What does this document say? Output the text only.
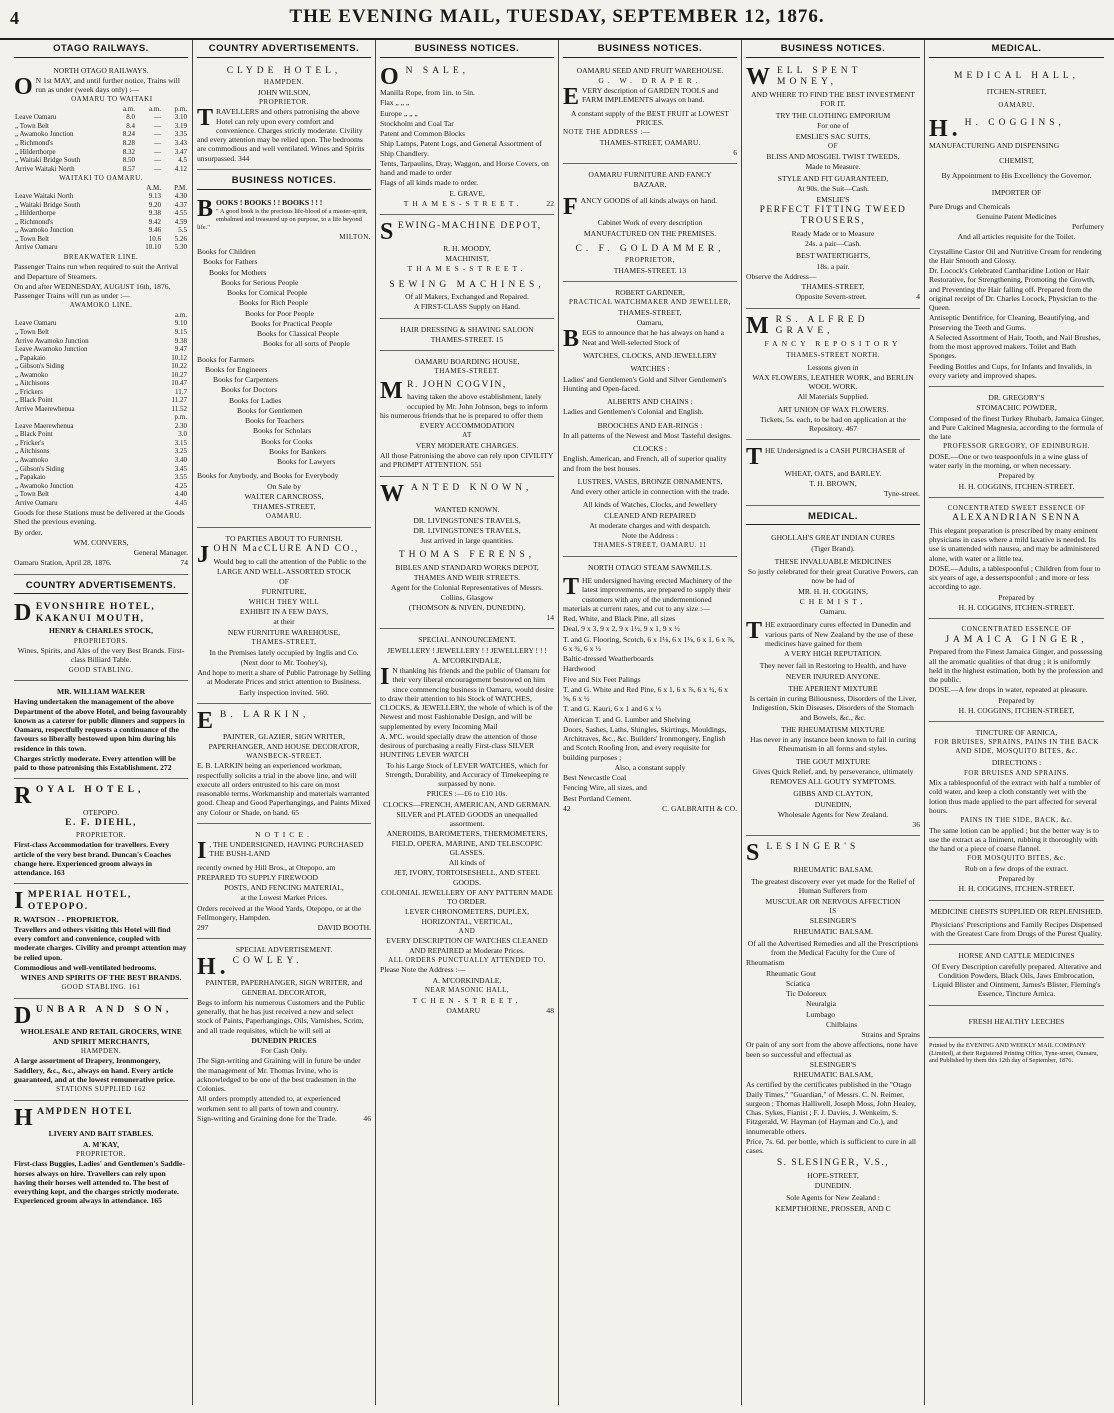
4	THE EVENING MAIL, TUESDAY, SEPTEMBER 12, 1876.
OTAGO RAILWAYS.

NORTH OTAGO RAILWAYS.

O N 1st MAY, and until further notice, Trains will run as under (week days only) :—

OAMARU TO WAITAKI

	a.m.	a.m.	p.m.
Leave Oamaru	8.0	—	3.10
„ Town Belt	8.4	—	3.19
„ Awamoko Junction	8.24	—	3.35
„ Richmond's	8.28	—	3.43
„ Hilderthorpe	8.32	—	3.47
„ Waitaki Bridge South	8.50	—	4.5
Arrive Waitaki North	8.57	—	4.12

WAITAKI TO OAMARU.

	A.M.	P.M.
Leave Waitaki North	9.13	4.30
„ Waitaki Bridge South	9.20	4.37
„ Hilderthorpe	9.38	4.55
„ Richmond's	9.42	4.59
„ Awamoko Junction	9.46	5.5
„ Town Belt	10.6	5.26
Arrive Oamaru	10.10	5.30

BREAKWATER LINE.

Passenger Trains run when required to suit the Arrival and Departure of Steamers.

On and after WEDNESDAY, AUGUST 16th, 1876, Passenger Trains will run as under :—

AWAMOKO LINE.

	a.m.
Leave Oamaru	9.10
„ Town Belt	9.15
Arrive Awamoko Junction	9.38
Leave Awamoko Junction	9.47
„ Papakaio	10.12
„ Gibson's Siding	10.22
„ Awamoko	10.27
„ Aitchisons	10.47
„ Frickers	11.7
„ Black Point	11.27
Arrive Maerewhenua	11.52
	p.m.
Leave Maerewhenua	2.30
„ Black Point	3.0
„ Fricker's	3.15
„ Aitchisons	3.25
„ Awamoko	3.40
„ Gibson's Siding	3.45
„ Papakaio	3.55
„ Awamoko Junction	4.25
„ Town Belt	4.40
Arrive Oamaru	4.45

Goods for these Stations must be delivered at the Goods Shed the previous evening.

By order.

WM. CONVERS,

General Manager.

Oamaru Station, April 28, 1876.	74

COUNTRY ADVERTISEMENTS.

DEVONSHIRE HOTEL, KAKANUI MOUTH,

HENRY & CHARLES STOCK,

PROPRIETORS.

Wines, Spirits, and Ales of the very Best Brands. First-class Billiard Table.

GOOD STABLING.

MR. WILLIAM WALKER

Having undertaken the management of the above Department of the above Hotel, and being favourably known as a caterer for public dinners and suppers in Oamaru, respectfully requests a continuance of the favours so liberally bestowed upon him during his residence in this town.

Charges strictly moderate. Every attention will be paid to those patronising this Establishment. 272

ROYAL HOTEL,

OTEPOPO.

E. F. DIEHL,

PROPRIETOR.

First-class Accommodation for travellers. Every article of the very best brand. Duncan's Coaches change here. Experienced groom always in attendance. 163

IMPERIAL HOTEL, OTEPOPO.

R. WATSON - - PROPRIETOR.

Travellers and others visiting this Hotel will find every comfort and convenience, coupled with moderate charges. Civility and prompt attention may be relied upon.

Commodious and well-ventilated bedrooms.

WINES AND SPIRITS OF THE BEST BRANDS.

GOOD STABLING. 161

DUNBAR AND SON,

WHOLESALE AND RETAIL GROCERS, WINE AND SPIRIT MERCHANTS,

HAMPDEN.

A large assortment of Drapery, Ironmongery, Saddlery, &c., &c., always on hand. Every article guaranteed, and at the lowest remunerative price.

STATIONS SUPPLIED 162

HAMPDEN HOTEL

LIVERY AND BAIT STABLES.

A. M'KAY,

PROPRIETOR.

First-class Buggies, Ladies' and Gentlemen's Saddle-horses always on hire. Travellers can rely upon having their horses well attended to. The best of everything kept, and the charges strictly moderate. Experienced groom always in attendance. 165

COUNTRY ADVERTISEMENTS.

CLYDE HOTEL,

HAMPDEN.

JOHN WILSON,

PROPRIETOR.

TRAVELLERS and others patronising the above Hotel can rely upon every comfort and convenience. Charges strictly moderate. Civility and every attention may be relied upon. The bedrooms are commodious and well ventilated. Wines and Spirits unsurpassed. 344

BUSINESS NOTICES.

BOOKS ! BOOKS ! ! BOOKS ! ! !

" A good book is the precious life-blood of a master-spirit, embalmed and treasured up on purpose, to a life beyond life."

MILTON.

Books for Children

Books for Fathers

Books for Mothers

Books for Serious People

Books for Comical People

Books for Rich People

Books for Poor People

Books for Practical People

Books for Classical People

Books for all sorts of People

Books for Farmers

Books for Engineers

Books for Carpenters

Books for Doctors

Books for Ladies

Books for Gentlemen

Books for Teachers

Books for Scholars

Books for Cooks

Books for Bankers

Books for Lawyers

Books for Anybody, and Books for Everybody

On Sale by

WALTER CARNCROSS,

THAMES-STREET,

OAMARU.

TO PARTIES ABOUT TO FURNISH.

JOHN MacCLURE AND CO.,

Would beg to call the attention of the Public to the

LARGE AND WELL-ASSORTED STOCK

OF

FURNITURE,

WHICH THEY WILL

EXHIBIT IN A FEW DAYS,

at their

NEW FURNITURE WAREHOUSE,

THAMES-STREET,

In the Premises lately occupied by Inglis and Co.

(Next door to Mr. Toohey's),

And hope to merit a share of Public Patronage by Selling at Moderate Prices and strict attention to Business.

Early inspection invited. 560.

E B. LARKIN,

PAINTER, GLAZIER, SIGN WRITER, PAPERHANGER, AND HOUSE DECORATOR,

WANSBECK-STREET.

E. B. LARKIN being an experienced workman, respectfully solicits a trial in the above line, and will execute all orders entrusted to his care on most reasonable terms. Workmanship and materials warranted good. Cheap and Good Paperhangings, and Paints Mixed any Colour or Shade, on hand. 65

NOTICE.

I , THE UNDERSIGNED, HAVING PURCHASED THE BUSH-LAND

recently owned by Hill Bros., at Otepopo, am

PREPARED TO SUPPLY FIREWOOD

POSTS, AND FENCING MATERIAL,

at the Lowest Market Prices.

Orders received at the Wood Yards, Otepopo, or at the Fellmongery, Hampden.

297	DAVID BOOTH.

SPECIAL ADVERTISEMENT.

H. COWLEY.

PAINTER, PAPERHANGER, SIGN WRITER, and GENERAL DECORATOR,

Begs to inform his numerous Customers and the Public generally, that he has just received a new and select stock of Paints, Paperhangings, Oils, Varnishes, Scrim, and all trade requisites, which he will sell at

DUNEDIN PRICES

For Cash Only.

The Sign-writing and Graining will in future be under the management of Mr. Thomas Irvine, who is acknowledged to be one of the best tradesmen in the Colonies.

All orders promptly attended to, at experienced workmen sent to all parts of town and country.

Sign-writing and Graining done for the Trade.	46

BUSINESS NOTICES.

O N SALE,

Manilla Rope, from 1in. to 5in.

Flax „ „ „

Europe „ „ „

Stockholm and Coal Tar

Patent and Common Blocks

Ship Lamps, Patent Logs, and General Assortment of Ship Chandlery.

Tents, Tarpaulins, Dray, Waggon, and Horse Covers, on hand and made to order

Flags of all kinds made to order.

E. GRAVE,

THAMES-STREET.	22

SEWING-MACHINE DEPOT,

R. H. MOODY,

MACHINIST,

THAMES-STREET.

SEWING MACHINES,

Of all Makers, Exchanged and Repaired.

A FIRST-CLASS Supply on Hand.

HAIR DRESSING & SHAVING SALOON

THAMES-STREET. 15

OAMARU BOARDING HOUSE,

THAMES-STREET.

M R. JOHN COGVIN,

having taken the above establishment, lately occupied by Mr. John Johnson, begs to inform his numerous friends that he is prepared to offer them

EVERY ACCOMMODATION

AT

VERY MODERATE CHARGES.

All those Patronising the above can rely upon CIVILITY and PROMPT ATTENTION. 551

WANTED KNOWN,

WANTED KNOWN.

DR. LIVINGSTONE'S TRAVELS,

DR. LIVINGSTONE'S TRAVELS,

Just arrived in large quantities.

THOMAS FERENS,

BIBLES AND STANDARD WORKS DEPOT,

THAMES AND WEIR STREETS.

Agent for the Colonial Representatives of Messrs. Collins, Glasgow

(THOMSON & NIVEN, DUNEDIN).

14

SPECIAL ANNOUNCEMENT.

JEWELLERY ! JEWELLERY ! ! JEWELLERY ! ! !

A. M'CORKINDALE,

I N thanking his friends and the public of Oamaru for their very liberal encouragement bestowed on him since commencing business in Oamaru, would desire to draw their attention to his Stock of WATCHES, CLOCKS, & JEWELLERY, the whole of which is of the Newest and most Fashionable Design, and will be supplemented by every Incoming Mail

A. M'C. would specially draw the attention of those desirous of purchasing a really First-class SILVER HUNTING LEVER WATCH

To his Large Stock of LEVER WATCHES, which for Strength, Durability, and Accuracy of Timekeeping re surpassed by none.

PRICES :—£6 to £10 10s.

CLOCKS—FRENCH, AMERICAN, AND GERMAN.

SILVER and PLATED GOODS an unequalled assortment.

ANEROIDS, BAROMETERS, THERMOMETERS, FIELD, OPERA, MARINE, AND TELESCOPIC GLASSES.

All kinds of

JET, IVORY, TORTOISESHELL, AND STEEL GOODS.

COLONIAL JEWELLERY OF ANY PATTERN MADE TO ORDER.

LEVER CHRONOMETERS, DUPLEX, HORIZONTAL, VERTICAL,

AND

EVERY DESCRIPTION OF WATCHES CLEANED AND REPAIRED at Moderate Prices.

ALL ORDERS PUNCTUALLY ATTENDED TO.

Please Note the Address :—

A. M'CORKINDALE,

NEAR MASONIC HALL,

TCHEN-STREET,

OAMARU	48

BUSINESS NOTICES.

OAMARU SEED AND FRUIT WAREHOUSE.

G. W. DRAPER.

EVERY description of GARDEN TOOLS and FARM IMPLEMENTS always on hand.

A constant supply of the BEST FRUIT at LOWEST PRICES.

NOTE THE ADDRESS :—

THAMES-STREET, OAMARU.

6

OAMARU FURNITURE AND FANCY

BAZAAR.

FANCY GOODS of all kinds always on hand.

Cabinet Work of every description

MANUFACTURED ON THE PREMISES.

C. F. GOLDAMMER,

PROPRIETOR,

THAMES-STREET. 13

ROBERT GARDNER,

PRACTICAL WATCHMAKER AND JEWELLER,

THAMES-STREET,

Oamaru,

BEGS to announce that he has always on hand a Neat and Well-selected Stock of

WATCHES, CLOCKS, AND JEWELLERY

WATCHES :

Ladies' and Gentlemen's Gold and Silver Gentlemen's Hunting and Open-faced.

ALBERTS AND CHAINS :

Ladies and Gentlemen's Colonial and English.

BROOCHES AND EAR-RINGS :

In all patterns of the Newest and Most Tasteful designs.

CLOCKS :

English, American, and French, all of superior quality and from the best houses.

LUSTRES, VASES, BRONZE ORNAMENTS,

And every other article in connection with the trade.

All kinds of Watches, Clocks, and Jewellery

CLEANED AND REPAIRED

At moderate charges and with despatch.

Note the Address :

THAMES-STREET, OAMARU. 11

NORTH OTAGO STEAM SAWMILLS.

THE undersigned having erected Machinery of the latest improvements, are prepared to supply their customers with any of the undermentioned materials at current rates, and cut to any size :—

Red, White, and Black Pine, all sizes

Deal, 9 x 3, 9 x 2, 9 x 1½, 9 x 1, 9 x ½

T. and G. Flooring, Scotch, 6 x 1⅛, 6 x 1⅛, 6 x 1, 6 x ⅞, 6 x ¾, 6 x ½

Baltic-dressed Weatherboards

Hardwood

Five and Six Feet Palings

T. and G. White and Red Pine, 6 x 1, 6 x ⅞, 6 x ¾, 6 x ⅝, 6 x ½

T. and G. Kauri, 6 x 1 and 6 x ½

American T. and G. Lumber and Shelving

Doors, Sashes, Laths, Shingles, Skirtings, Mouldings, Architraves, &c., &c. Builders' Ironmongery, English and Scotch Roofing Iron, and every requisite for building purposes ;

Also, a constant supply

Best Newcastle Coal

Fencing Wire, all sizes, and

Best Portland Cement.

42	C. GALBRAITH & CO.

BUSINESS NOTICES.

WELL SPENT MONEY,

AND WHERE TO FIND THE BEST INVESTMENT FOR IT.

TRY THE CLOTHING EMPORIUM

For one of

EMSLIE'S SAC SUITS,

OF

BLISS AND MOSGIEL TWIST TWEEDS,

Made to Measure.

STYLE AND FIT GUARANTEED,

At 90s. the Suit—Cash.

EMSLIE'S

PERFECT FITTING TWEED TROUSERS,

Ready Made or to Measure

24s. a pair—Cash.

BEST WATERTIGHTS,

18s. a pair.

Observe the Address—

THAMES-STREET,

Opposite Severn-street.	4

MRS. ALFRED GRAVE,

FANCY REPOSITORY

THAMES-STREET NORTH.

Lessons given in

WAX FLOWERS, LEATHER WORK, and BERLIN WOOL WORK.

All Materials Supplied.

ART UNION OF WAX FLOWERS.

Tickets, 5s. each, to be had on application at the Repository. 467

THE Undersigned is a CASH PURCHASER of

WHEAT, OATS, and BARLEY.

T. H. BROWN,

Tyne-street.

MEDICAL.

GHOLLAH'S GREAT INDIAN CURES

(Tiger Brand).

THESE INVALUABLE MEDICINES

So justly celebrated for their great Curative Powers, can now be had of

MR. H. H. COGGINS,

CHEMIST,

Oamaru.

THE extraordinary cures effected in Dunedin and various parts of New Zealand by the use of these medicines have gained for them

A VERY HIGH REPUTATION.

They never fail in Restoring to Health, and have

NEVER INJURED ANYONE.

THE APERIENT MIXTURE

Is certain in curing Biliousness, Disorders of the Liver, Indigestion, Skin Diseases, Disorders of the Stomach and Bowels, &c., &c.

THE RHEUMATISM MIXTURE

Has never in any instance been known to fail in curing Rheumatism in all forms and styles.

THE GOUT MIXTURE

Gives Quick Relief, and, by perseverance, ultimately

REMOVES ALL GOUTY SYMPTOMS.

GIBBS AND CLAYTON,

DUNEDIN,

Wholesale Agents for New Zealand.

36

SLESINGER'S

RHEUMATIC BALSAM.

The greatest discovery ever yet made for the Relief of Human Sufferers from

MUSCULAR OR NERVOUS AFFECTION

IS

SLESINGER'S

RHEUMATIC BALSAM.

Of all the Advertised Remedies and all the Prescriptions from the Medical Faculty for the Cure of

Rheumatism

Rheumatic Gout

Sciatica

Tic Doloreux

Neuralgia

Lumbago

Chilblains

Strains and Sprains

Or pain of any sort from the above affections, none have been so successful and effectual as

SLESINGER'S

RHEUMATIC BALSAM,

As certified by the certificates published in the "Otago Daily Times," "Guardian," of Messrs. C. N. Reimer, surgeon ; Thomas Halliwell, Joseph Moss, John Healey, Chas. Sykes, Fianist ; F. J. Davies, J. Wenkeim, S. Fitzgerald, W. Hayman (of Hayman and Co.), and innumerable others.

Price, 7s. 6d. per bottle, which is sufficient to cure in all cases.

S. SLESINGER, V.S.,

HOPE-STREET,

DUNEDIN.

Sole Agents for New Zealand :

KEMPTHORNE, PROSSER, AND C

MEDICAL.

MEDICAL HALL,

ITCHEN-STREET,

OAMARU.

H. H. COGGINS,

MANUFACTURING AND DISPENSING

CHEMIST,

By Appointment to His Excellency the Governor.

IMPORTER OF

Pure Drugs and Chemicals

Genuine Patent Medicines

Perfumery

And all articles requisite for the Toilet.

Crystalline Castor Oil and Nutritive Cream for rendering the Hair Smooth and Glossy.

Dr. Locock's Celebrated Cantharidine Lotion or Hair Restorative, for Strengthening, Promoting the Growth, and Preventing the Hair falling off. Prepared from the original receipt of Dr. Charles Locock, Physician to the Queen.

Antiseptic Dentifrice, for Cleaning, Beautifying, and Preserving the Teeth and Gums.

A Selected Assortment of Hair, Tooth, and Nail Brushes, from the most approved makers. Toilet and Bath Sponges.

Feeding Bottles and Cups, for Infants and Invalids, in every variety and improved shapes.

DR. GREGORY'S

STOMACHIC POWDER,

Composed of the finest Turkey Rhubarb, Jamaica Ginger, and Pure Calcined Magnesia, according to the formula of the late

PROFESSOR GREGORY, OF EDINBURGH.

DOSE.—One or two teaspoonfuls in a wine glass of water early in the morning, or when necessary.

Prepared by

H. H. COGGINS, ITCHEN-STREET.

CONCENTRATED SWEET ESSENCE OF

ALEXANDRIAN SENNA

This elegant preparation is prescribed by many eminent physicians in cases where a mild laxative is needed. Its use is unattended with nausea, and may be administered alone, with water or a little tea.

DOSE.—Adults, a tablespoonful ; Children from four to six years of age, a dessertspoonful ; and more or less according to age.

Prepared by

H. H. COGGINS, ITCHEN-STREET.

CONCENTRATED ESSENCE OF

JAMAICA GINGER,

Prepared from the Finest Jamaica Ginger, and possessing all the aromatic qualities of that drug ; it is uniformly held in the highest estimation, both by the profession and the public.

DOSE.—A few drops in water, repeated at pleasure.

Prepared by

H. H. COGGINS, ITCHEN-STREET,

TINCTURE OF ARNICA,

FOR BRUISES, SPRAINS, PAINS IN THE BACK AND SIDE, MOSQUITO BITES, &c.

DIRECTIONS :

FOR BRUISES AND SPRAINS.

Mix a tablespoonful of the extract with half a tumbler of cold water, and keep a cloth constantly wet with the lotion thus made applied to the part affected for several hours.

PAINS IN THE SIDE, BACK, &c.

The same lotion can be applied ; but the better way is to use the extract as a liniment, rubbing it thoroughly with the hand or a piece of coarse flannel.

FOR MOSQUITO BITES, &c.

Rub on a few drops of the extract.

Prepared by

H. H. COGGINS, ITCHEN-STREET.

MEDICINE CHESTS SUPPLIED OR REPLENISHED.

Physicians' Prescriptions and Family Recipes Dispensed with the Greatest Care from Drugs of the Purest Quality.

HORSE AND CATTLE MEDICINES

Of Every Description carefully prepared. Alterative and Condition Powders, Black Oils, Jaws Embrocation, Liquid Blister and Ointment, James's Blister, Fleming's Essence, Tincture Arnica.

FRESH HEALTHY LEECHES

Printed by the EVENING AND WEEKLY MAIL COMPANY (Limited), at their Registered Printing Office, Tyne-street, Oamaru, and Published by them this 12th day of September, 1876.
